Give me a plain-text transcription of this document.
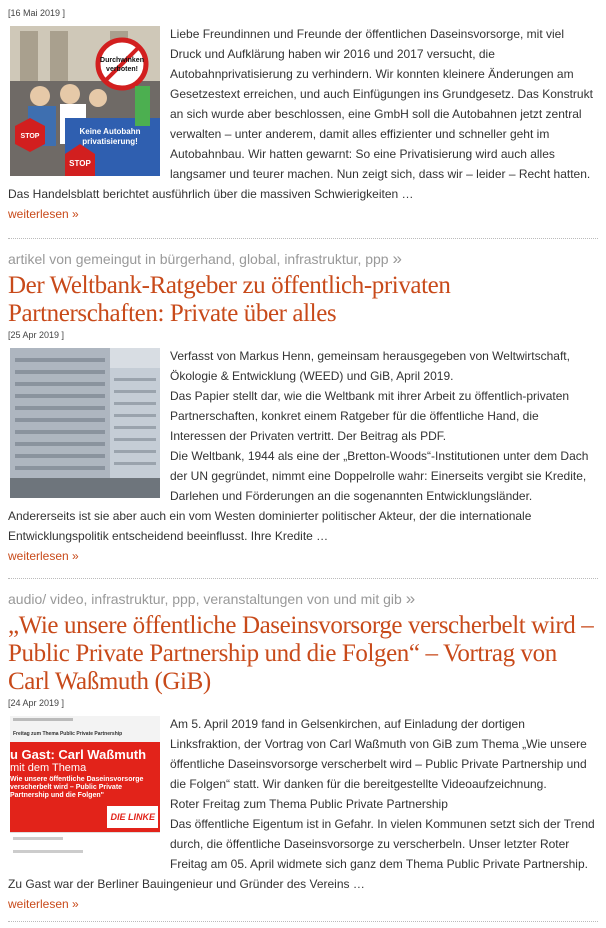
[16 Mai 2019 ]
Durchwinken
verboten!
Keine Autobahn
privatisierung!
STOP
STOP
Liebe Freundinnen und Freunde der öffentlichen Daseinsvorsorge, mit viel Druck und Aufklärung haben wir 2016 und 2017 versucht, die Autobahnprivatisierung zu verhindern. Wir konnten kleinere Änderungen am Gesetzestext erreichen, und auch Einfügungen ins Grundgesetz. Das Konstrukt an sich wurde aber beschlossen, eine GmbH soll die Autobahnen jetzt zentral verwalten – unter anderem, damit alles effizienter und schneller geht im Autobahnbau. Wir hatten gewarnt: So eine Privatisierung wird auch alles langsamer und teurer machen. Nun zeigt sich, dass wir – leider – Recht hatten. Das Handelsblatt berichtet ausführlich über die massiven Schwierigkeiten …
weiterlesen »
artikel von gemeingut in bürgerhand, global, infrastruktur, ppp »
Der Weltbank-Ratgeber zu öffentlich-privaten Partnerschaften: Private über alles
[25 Apr 2019 ]
Verfasst von Markus Henn, gemeinsam herausgegeben von Weltwirtschaft, Ökologie & Entwicklung (WEED) und GiB, April 2019.
Das Papier stellt dar, wie die Weltbank mit ihrer Arbeit zu öffentlich-privaten Partnerschaften, konkret einem Ratgeber für die öffentliche Hand, die Interessen der Privaten vertritt. Der Beitrag als PDF.
Die Weltbank, 1944 als eine der „Bretton-Woods“-Institutionen unter dem Dach der UN gegründet, nimmt eine Doppelrolle wahr: Einerseits vergibt sie Kredite, Darlehen und Förderungen an die sogenannten Entwicklungsländer. Andererseits ist sie aber auch ein vom Westen dominierter politischer Akteur, der die internationale Entwicklungspolitik entscheidend beeinflusst. Ihre Kredite …
weiterlesen »
audio/ video, infrastruktur, ppp, veranstaltungen von und mit gib »
„Wie unsere öffentliche Daseinsvorsorge verscherbelt wird – Public Private Partnership und die Folgen“ – Vortrag von Carl Waßmuth (GiB)
[24 Apr 2019 ]
Freitag zum Thema Public Private Partnership
u Gast: Carl Waßmuth
mit dem Thema
Wie unsere öffentliche Daseinsvorsorge verscherbelt wird – Public Private Partnership und die Folgen"
DIE LINKE
Am 5. April 2019 fand in Gelsenkirchen, auf Einladung der dortigen Linksfraktion, der Vortrag von Carl Waßmuth von GiB zum Thema „Wie unsere öffentliche Daseinsvorsorge verscherbelt wird – Public Private Partnership und die Folgen“ statt. Wir danken für die bereitgestellte Videoaufzeichnung.
Roter Freitag zum Thema Public Private Partnership
Das öffentliche Eigentum ist in Gefahr. In vielen Kommunen setzt sich der Trend durch, die öffentliche Daseinsvorsorge zu verscherbeln. Unser letzter Roter Freitag am 05. April widmete sich ganz dem Thema Public Private Partnership. Zu Gast war der Berliner Bauingenieur und Gründer des Vereins …
weiterlesen »
